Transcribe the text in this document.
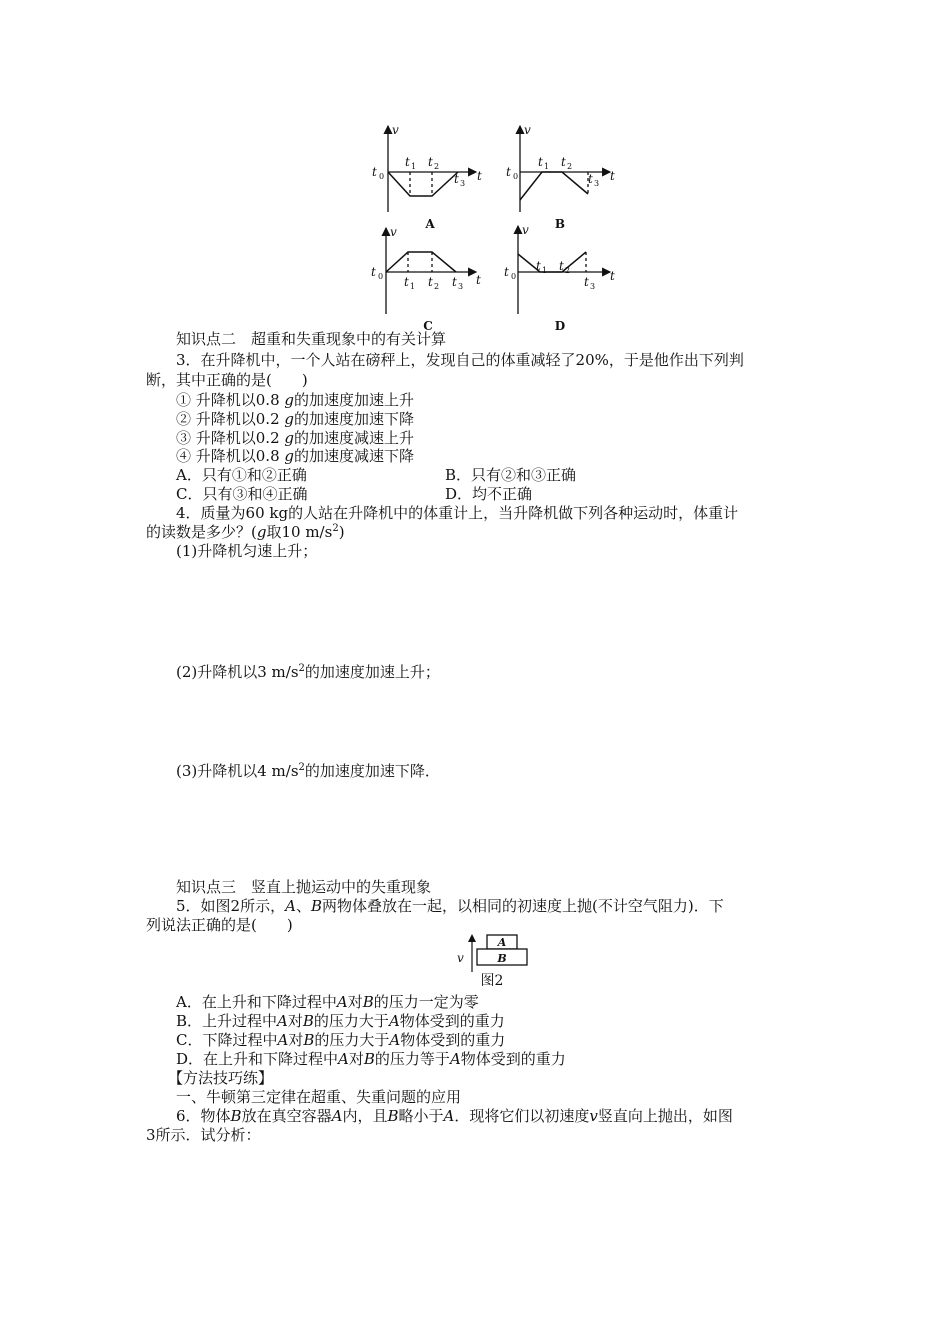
v
t
t 0
t 1 t 2
t 3
v
t
t 0
t 1 t 2
t 3
v
t
t 0 t 1 t 2 t 3
v
t
t 0
t 1 t 2
t 3
A	B
C	D
知识点二　超重和失重现象中的有关计算
3．在升降机中，一个人站在磅秤上，发现自己的体重减轻了20%，于是他作出下列判
断，其中正确的是(　　)
① 升降机以0.8 g的加速度加速上升
② 升降机以0.2 g的加速度加速下降
③ 升降机以0.2 g的加速度减速上升
④ 升降机以0.8 g的加速度减速下降
A．只有①和②正确	B．只有②和③正确
C．只有③和④正确	D．均不正确
4．质量为60 kg的人站在升降机中的体重计上，当升降机做下列各种运动时，体重计
的读数是多少？(g取10 $m/s^2$)
(1)升降机匀速上升；
(2)升降机以3 $m/s^2$的加速度加速上升；
(3)升降机以4 $m/s^2$的加速度加速下降．
知识点三　竖直上抛运动中的失重现象
5．如图2所示，A、B两物体叠放在一起，以相同的初速度上抛(不计空气阻力)．下
列说法正确的是(　　)
v
A
B
图2
A．在上升和下降过程中A对B的压力一定为零
B．上升过程中A对B的压力大于A物体受到的重力
C．下降过程中A对B的压力大于A物体受到的重力
D．在上升和下降过程中A对B的压力等于A物体受到的重力
【方法技巧练】
一、牛顿第三定律在超重、失重问题的应用
6．物体B放在真空容器A内，且B略小于A．现将它们以初速度v竖直向上抛出，如图
3所示．试分析：
